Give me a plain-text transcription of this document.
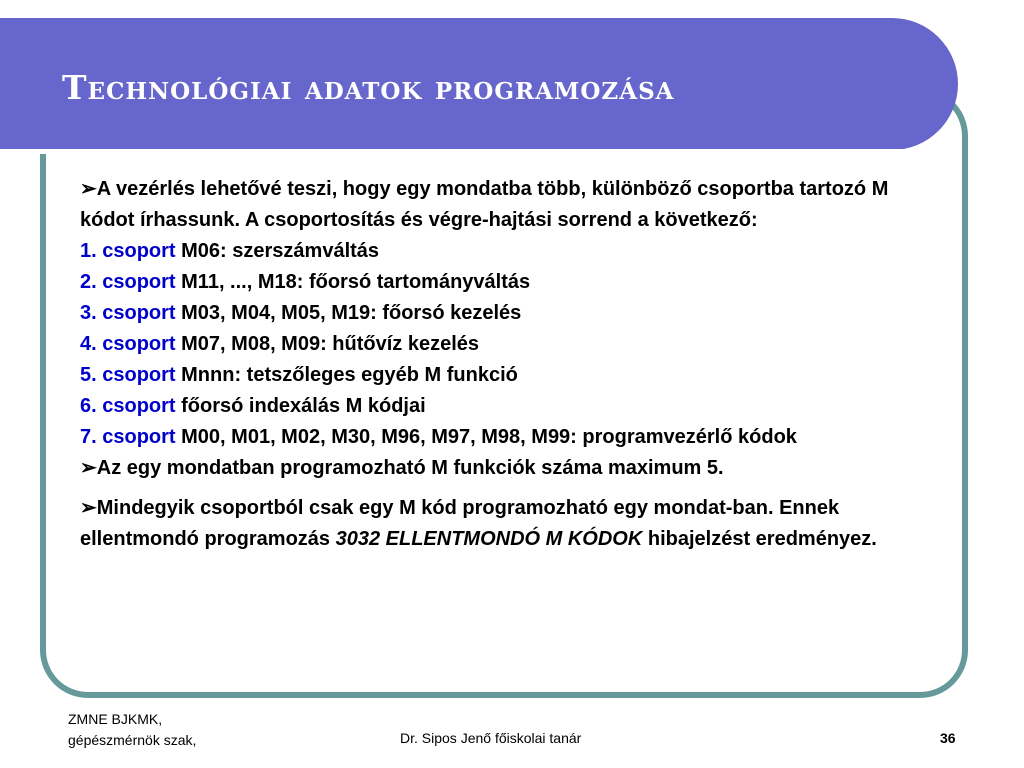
Technológiai adatok programozása

➢A vezérlés lehetővé teszi, hogy egy mondatba több, különböző csoportba tartozó M kódot írhassunk. A csoportosítás és végre-hajtási sorrend a következő:

1. csoport M06: szerszámváltás

2. csoport M11, ..., M18: főorsó tartományváltás

3. csoport M03, M04, M05, M19: főorsó kezelés

4. csoport M07, M08, M09: hűtővíz kezelés

5. csoport Mnnn: tetszőleges egyéb M funkció

6. csoport főorsó indexálás M kódjai

7. csoport M00, M01, M02, M30, M96, M97, M98, M99: programvezérlő kódok

➢Az egy mondatban programozható M funkciók száma maximum 5.

➢Mindegyik csoportból csak egy M kód programozható egy mondat-ban. Ennek ellentmondó programozás 3032 ELLENTMONDÓ M KÓDOK hibajelzést eredményez.

ZMNE BJKMK,
gépészmérnök szak,	Dr. Sipos Jenő főiskolai tanár	36
